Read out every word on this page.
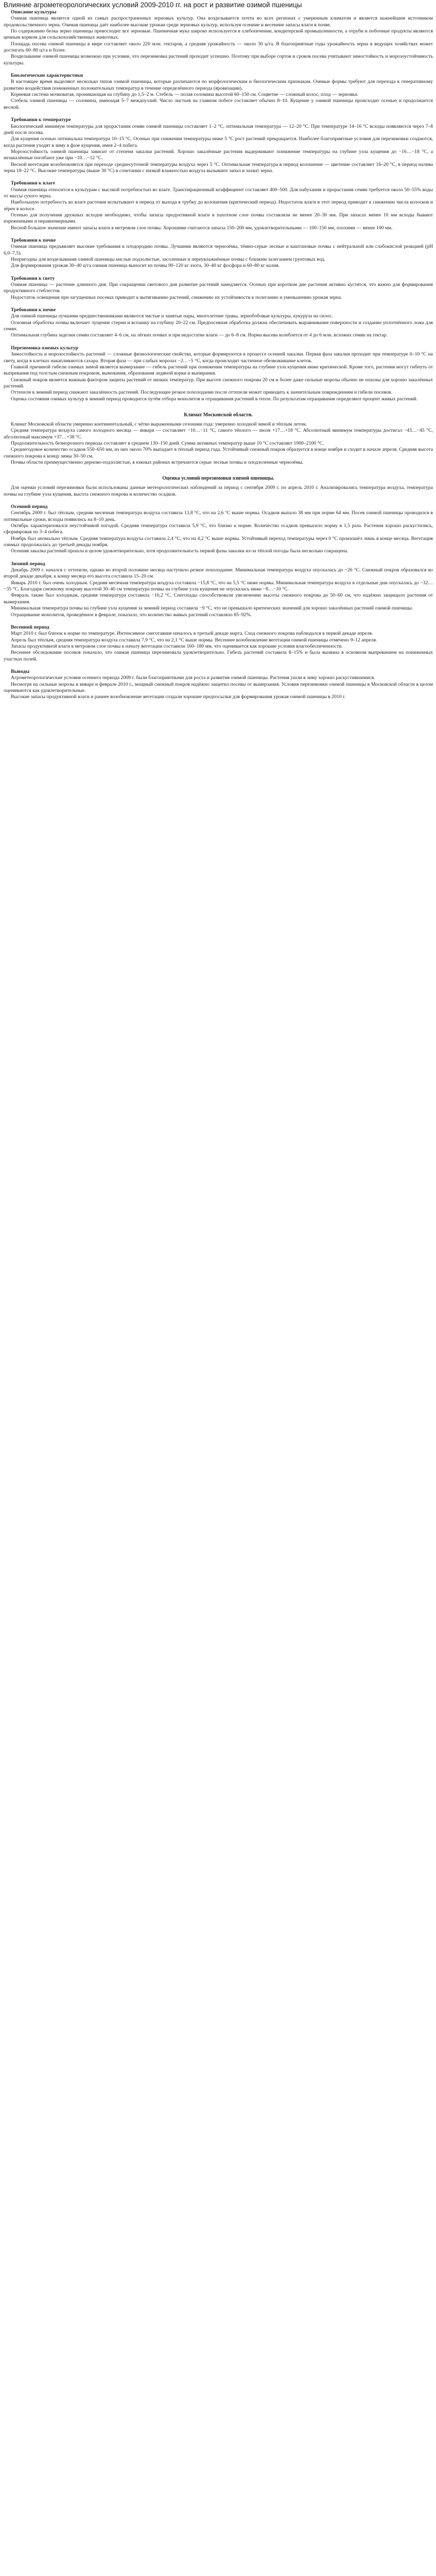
Влияние агрометеорологических условий 2009-2010 гг. на рост и развитие озимой пшеницы
Описание культуры

Озимая пшеница является одной из самых распространенных зерновых культур. Она возделывается почти во всех регионах с умеренным климатом и является важнейшим источником продовольственного зерна. Озимая пшеница даёт наиболее высокие урожаи среди зерновых культур, используя осенние и весенние запасы влаги в почве.

По содержанию белка зерно пшеницы превосходит все зерновые. Пшеничная мука широко используется в хлебопечении, кондитерской промышленности, а отруби и побочные продукты являются ценным кормом для сельскохозяйственных животных.

Площадь посева озимой пшеницы в мире составляет около 220 млн. гектаров, а средняя урожайность — около 30 ц/га. В благоприятные годы урожайность зерна в ведущих хозяйствах может достигать 60–80 ц/га и более.

Возделывание озимой пшеницы возможно при условии, что перезимовка растений проходит успешно. Поэтому при выборе сортов и сроков посева учитывают зимостойкость и морозоустойчивость культуры.

Биологические характеристики

В настоящее время выделяют несколько типов озимой пшеницы, которые различаются по морфологическим и биологическим признакам. Озимые формы требуют для перехода к генеративному развитию воздействия пониженных положительных температур в течение определённого периода (яровизации).

Корневая система мочковатая, проникающая на глубину до 1,5–2 м. Стебель — полая соломина высотой 60–150 см. Соцветие — сложный колос, плод — зерновка.

Стебель озимой пшеницы — соломина, имеющая 5–7 междоузлий. Число листьев на главном побеге составляет обычно 8–10. Кущение у озимой пшеницы происходит осенью и продолжается весной.

Требования к температуре

Биологический минимум температуры для прорастания семян озимой пшеницы составляет 1–2 °С, оптимальная температура — 12–20 °С. При температуре 14–16 °С всходы появляются через 7–8 дней после посева.

Для кущения осенью оптимальна температура 10–15 °С. Осенью при снижении температуры ниже 5 °С рост растений прекращается. Наиболее благоприятные условия для перезимовки создаются, когда растения уходят в зиму в фазе кущения, имея 2–4 побега.

Морозостойкость озимой пшеницы зависит от степени закалки растений. Хорошо закалённые растения выдерживают понижение температуры на глубине узла кущения до −16…−18 °С, а незакалённые погибают уже при −10…−12 °С.

Весной вегетация возобновляется при переходе среднесуточной температуры воздуха через 5 °С. Оптимальная температура в период колошение — цветение составляет 16–20 °С, в период налива зерна 18–22 °С. Высокие температуры (выше 30 °С) в сочетании с низкой влажностью воздуха вызывают запал и захват зерна.

Требования к влаге

Озимая пшеница относится к культурам с высокой потребностью во влаге. Транспирационный коэффициент составляет 400–500. Для набухания и прорастания семян требуется около 50–55% воды от массы сухого зерна.

Наибольшую потребность во влаге растения испытывают в период от выхода в трубку до колошения (критический период). Недостаток влаги в этот период приводит к снижению числа колосков и зёрен в колосе.

Осенью для получения дружных всходов необходимо, чтобы запасы продуктивной влаги в пахотном слое почвы составляли не менее 20–30 мм. При запасах менее 10 мм всходы бывают изреженными и неравномерными.

Весной большое значение имеют запасы влаги в метровом слое почвы. Хорошими считаются запасы 150–200 мм, удовлетворительными — 100–150 мм, плохими — менее 100 мм.

Требования к почве

Озимая пшеница предъявляет высокие требования к плодородию почвы. Лучшими являются чернозёмы, тёмно-серые лесные и каштановые почвы с нейтральной или слабокислой реакцией (pH 6,0–7,5).

Непригодны для возделывания озимой пшеницы кислые подзолистые, засоленные и переувлажнённые почвы с близким залеганием грунтовых вод.

Для формирования урожая 30–40 ц/га озимая пшеница выносит из почвы 90–120 кг азота, 30–40 кг фосфора и 60–80 кг калия.

Требования к свету

Озимая пшеница — растение длинного дня. При сокращении светового дня развитие растений замедляется. Осенью при коротком дне растения активно кустятся, что важно для формирования продуктивного стеблестоя.

Недостаток освещения при загущенных посевах приводит к вытягиванию растений, снижению их устойчивости к полеганию и уменьшению урожая зерна.

Требования к почве

Для озимой пшеницы лучшими предшественниками являются чистые и занятые пары, многолетние травы, зернобобовые культуры, кукуруза на силос.

Основная обработка почвы включает лущение стерни и вспашку на глубину 20–22 см. Предпосевная обработка должна обеспечивать выравнивание поверхности и создание уплотнённого ложа для семян.

Оптимальная глубина заделки семян составляет 4–6 см, на лёгких почвах и при недостатке влаги — до 6–8 см. Норма высева колеблется от 4 до 6 млн. всхожих семян на гектар.

Перезимовка озимых культур

Зимостойкость и морозостойкость растений — сложные физиологические свойства, которые формируются в процессе осенней закалки. Первая фаза закалки проходит при температуре 0–10 °С на свету, когда в клетках накапливаются сахара. Вторая фаза — при слабых морозах −2…−5 °С, когда происходит частичное обезвоживание клеток.

Главной причиной гибели озимых зимой является вымерзание — гибель растений при понижении температуры на глубине узла кущения ниже критической. Кроме того, растения могут гибнуть от выпревания под толстым снежным покровом, вымокания, образования ледяной корки и выпирания.

Снежный покров является важным фактором защиты растений от низких температур. При высоте снежного покрова 20 см и более даже сильные морозы обычно не опасны для хорошо закалённых растений.

Оттепели в зимний период снижают закалённость растений. Последующее резкое похолодание после оттепели может приводить к значительным повреждениям и гибели посевов.

Оценка состояния озимых культур в зимний период проводится путём отбора монолитов и отращивания растений в тепле. По результатам отращивания определяют процент живых растений.

Климат Московской области.

Климат Московской области умеренно континентальный, с чётко выраженными сезонами года: умеренно холодной зимой и тёплым летом.

Средняя температура воздуха самого холодного месяца — января — составляет −10…−11 °С, самого тёплого — июля +17…+18 °С. Абсолютный минимум температуры достигал −43…−45 °С, абсолютный максимум +37…+38 °С.

Продолжительность безморозного периода составляет в среднем 130–150 дней. Сумма активных температур выше 10 °С составляет 1900–2100 °С.

Среднегодовое количество осадков 550–650 мм, из них около 70% выпадает в тёплый период года. Устойчивый снежный покров образуется в конце ноября и сходит в начале апреля. Средняя высота снежного покрова к концу зимы 30–50 см.

Почвы области преимущественно дерново-подзолистые, в южных районах встречаются серые лесные почвы и оподзоленные чернозёмы.

Оценка условий перезимовки озимой пшеницы.

Для оценки условий перезимовки были использованы данные метеорологических наблюдений за период с сентября 2009 г. по апрель 2010 г. Анализировались температура воздуха, температура почвы на глубине узла кущения, высота снежного покрова и количество осадков.

Осенний период

Сентябрь 2009 г. был тёплым, средняя месячная температура воздуха составила 13,8 °С, что на 2,6 °С выше нормы. Осадков выпало 38 мм при норме 64 мм. Посев озимой пшеницы проводился в оптимальные сроки, всходы появились на 8–10 день.

Октябрь характеризовался неустойчивой погодой. Средняя температура составила 5,9 °С, что близко к норме. Количество осадков превысило норму в 1,5 раза. Растения хорошо раскустились, сформировав по 3–4 побега.

Ноябрь был аномально тёплым. Средняя температура воздуха составила 2,4 °С, что на 4,2 °С выше нормы. Устойчивый переход температуры через 0 °С произошёл лишь в конце месяца. Вегетация озимых продолжалась до третьей декады ноября.

Осенняя закалка растений прошла в целом удовлетворительно, хотя продолжительность первой фазы закалки из-за тёплой погоды была несколько сокращена.

Зимний период

Декабрь 2009 г. начался с оттепели, однако во второй половине месяца наступило резкое похолодание. Минимальная температура воздуха опускалась до −26 °С. Снежный покров образовался во второй декаде декабря, к концу месяца его высота составила 15–20 см.

Январь 2010 г. был очень холодным. Средняя месячная температура воздуха составила −15,8 °С, что на 5,5 °С ниже нормы. Минимальная температура воздуха в отдельные дни опускалась до −32…−35 °С. Благодаря снежному покрову высотой 30–40 см температура почвы на глубине узла кущения не опускалась ниже −8…−10 °С.

Февраль также был холодным, средняя температура составила −10,2 °С. Снегопады способствовали увеличению высоты снежного покрова до 50–60 см, что надёжно защищало растения от вымерзания.

Минимальная температура почвы на глубине узла кущения за зимний период составила −9 °С, что не превышало критических значений для хорошо закалённых растений озимой пшеницы.

Отращивание монолитов, проведённое в феврале, показало, что количество живых растений составляло 85–92%.

Весенний период

Март 2010 г. был близок к норме по температуре. Интенсивное снеготаяние началось в третьей декаде марта. Сход снежного покрова наблюдался в первой декаде апреля.

Апрель был тёплым, средняя температура воздуха составила 7,9 °С, что на 2,1 °С выше нормы. Весеннее возобновление вегетации озимой пшеницы отмечено 9–12 апреля.

Запасы продуктивной влаги в метровом слое почвы к началу вегетации составили 160–180 мм, что оценивается как хорошие условия влагообеспеченности.

Весеннее обследование посевов показало, что озимая пшеница перезимовала удовлетворительно. Гибель растений составила 8–15% и была вызвана в основном выпреванием на пониженных участках полей.

Выводы

Агрометеорологические условия осеннего периода 2009 г. были благоприятными для роста и развития озимой пшеницы. Растения ушли в зиму хорошо раскустившимися.

Несмотря на сильные морозы в январе и феврале 2010 г., мощный снежный покров надёжно защитил посевы от вымерзания. Условия перезимовки озимой пшеницы в Московской области в целом оцениваются как удовлетворительные.

Высокие запасы продуктивной влаги и раннее возобновление вегетации создали хорошие предпосылки для формирования урожая озимой пшеницы в 2010 г.
